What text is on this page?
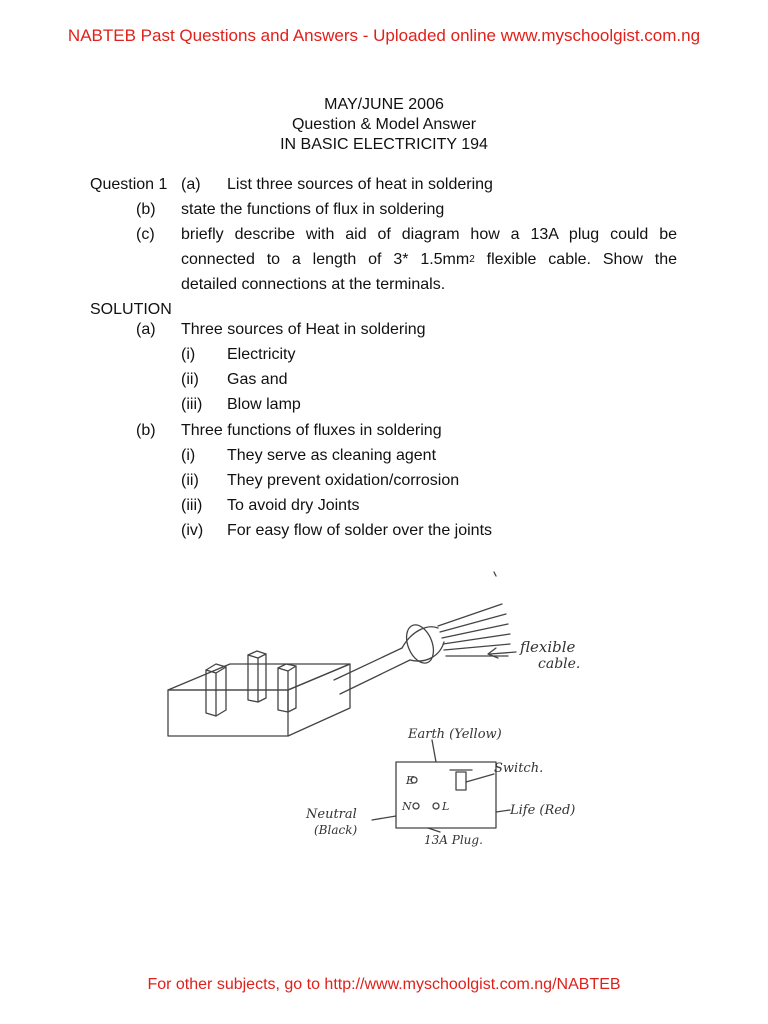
NABTEB Past Questions and Answers - Uploaded online www.myschoolgist.com.ng
MAY/JUNE 2006
Question & Model Answer
IN BASIC ELECTRICITY 194
Question 1 (a) List three sources of heat in soldering
(b) state the functions of flux in soldering
(c) briefly describe with aid of diagram how a 13A plug could be
connected to a length of 3* $1.5mm^2$ flexible cable. Show the
detailed connections at the terminals.
SOLUTION
(a) Three sources of Heat in soldering
(i) Electricity
(ii) Gas and
(iii) Blow lamp
(b) Three functions of fluxes in soldering
(i) They serve as cleaning agent
(ii) They prevent oxidation/corrosion
(iii) To avoid dry Joints
(iv) For easy flow of solder over the joints
flexible
cable.
E
N	L
Earth (Yellow)
Switch.
Neutral
(Black)
Life (Red)
13A Plug.
For other subjects, go to http://www.myschoolgist.com.ng/NABTEB
